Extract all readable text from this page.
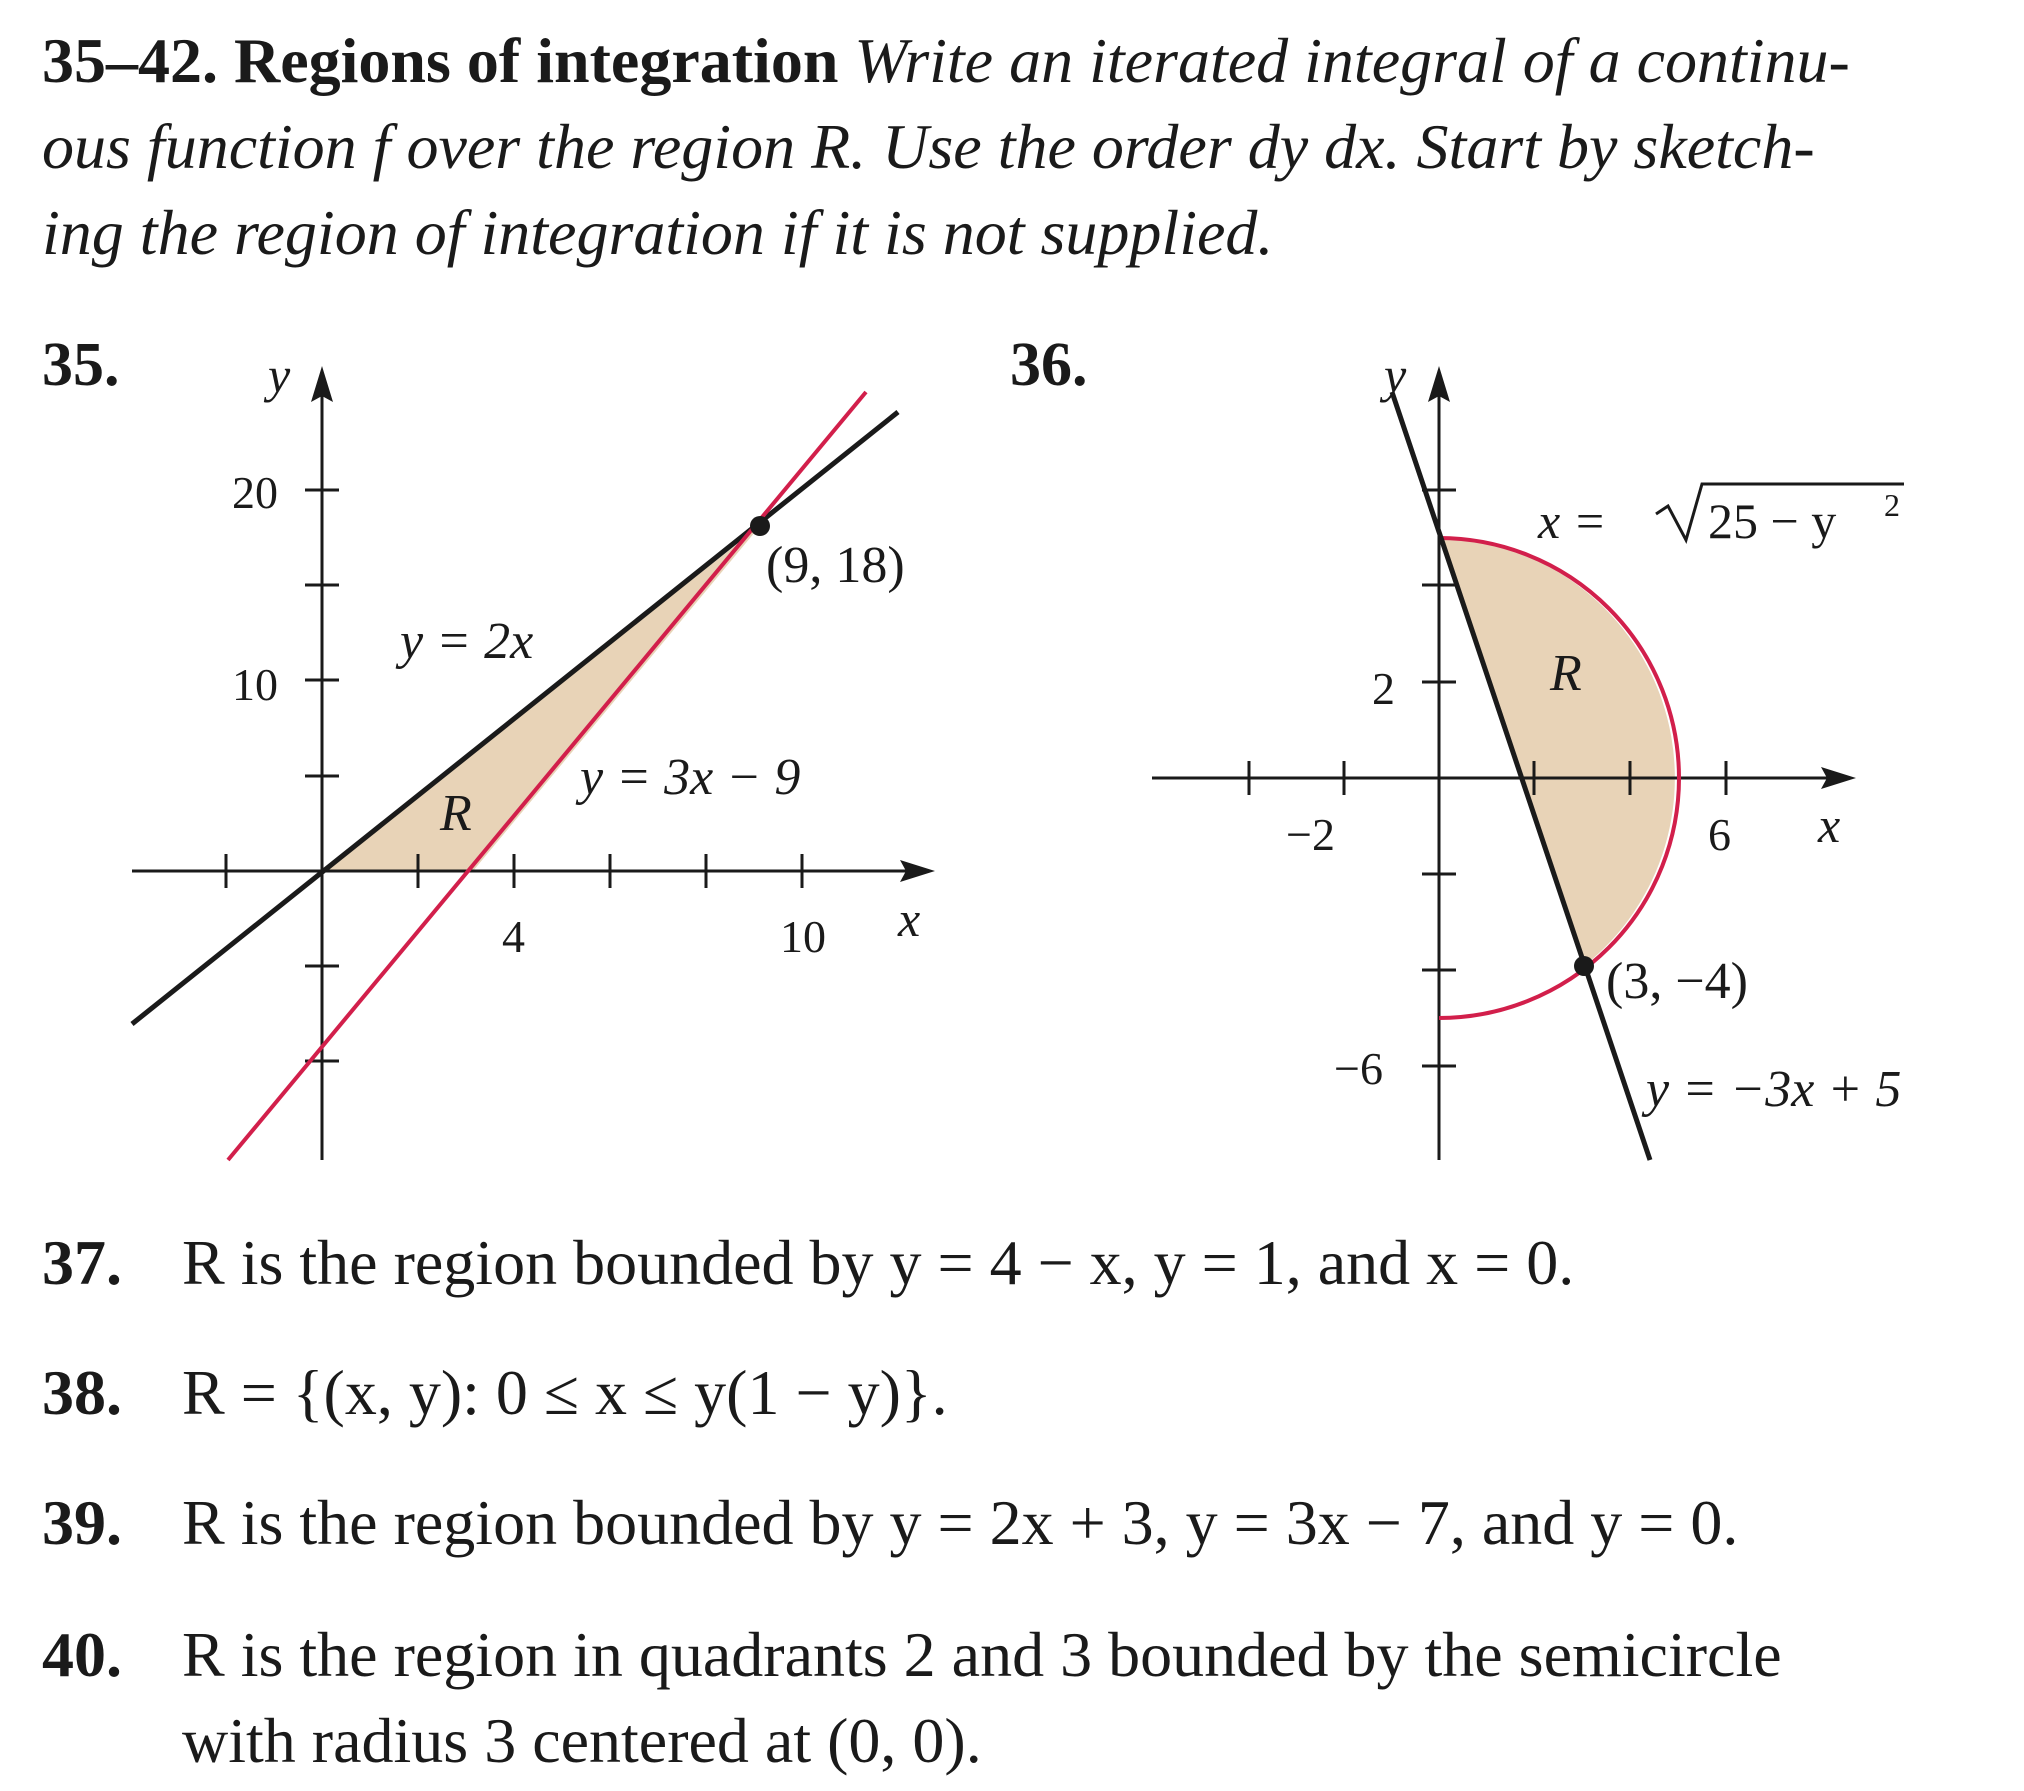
35–42. Regions of integration Write an iterated integral of a continu-
ous function f over the region R. Use the order dy dx. Start by sketch-
ing the region of integration if it is not supplied.
35.	36.
y
x
20
10
4	10
y = 2x
y = 3x − 9
(9, 18)
R
y
x
2
−6
−2	6
R
(3, −4)
y = −3x + 5
x = 25 − y 2
37. R is the region bounded by y = 4 − x, y = 1, and x = 0.
38. R = {(x, y): 0 ≤ x ≤ y(1 − y)}.
39. R is the region bounded by y = 2x + 3, y = 3x − 7, and y = 0.
40. R is the region in quadrants 2 and 3 bounded by the semicircle
with radius 3 centered at (0, 0).
